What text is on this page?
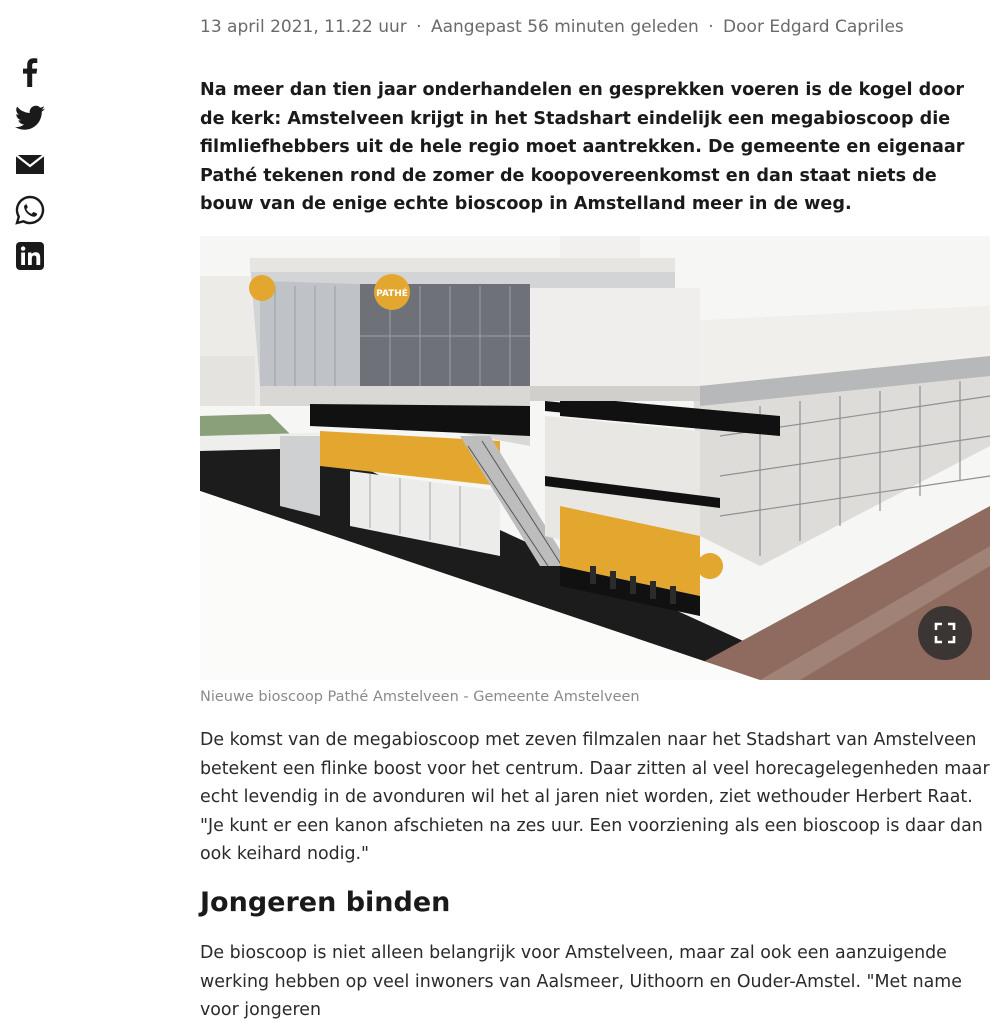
13 april 2021, 11.22 uur · Aangepast 56 minuten geleden · Door Edgard Capriles

Na meer dan tien jaar onderhandelen en gesprekken voeren is de kogel door de kerk: Amstelveen krijgt in het Stadshart eindelijk een megabioscoop die filmliefhebbers uit de hele regio moet aantrekken. De gemeente en eigenaar Pathé tekenen rond de zomer de koopovereenkomst en dan staat niets de bouw van de enige echte bioscoop in Amstelland meer in de weg.

PATHÉ
Nieuwe bioscoop Pathé Amstelveen - Gemeente Amstelveen

De komst van de megabioscoop met zeven filmzalen naar het Stadshart van Amstelveen betekent een flinke boost voor het centrum. Daar zitten al veel horecagelegenheden maar echt levendig in de avonduren wil het al jaren niet worden, ziet wethouder Herbert Raat. "Je kunt er een kanon afschieten na zes uur. Een voorziening als een bioscoop is daar dan ook keihard nodig."

Jongeren binden

De bioscoop is niet alleen belangrijk voor Amstelveen, maar zal ook een aanzuigende werking hebben op veel inwoners van Aalsmeer, Uithoorn en Ouder-Amstel. "Met name voor jongeren
